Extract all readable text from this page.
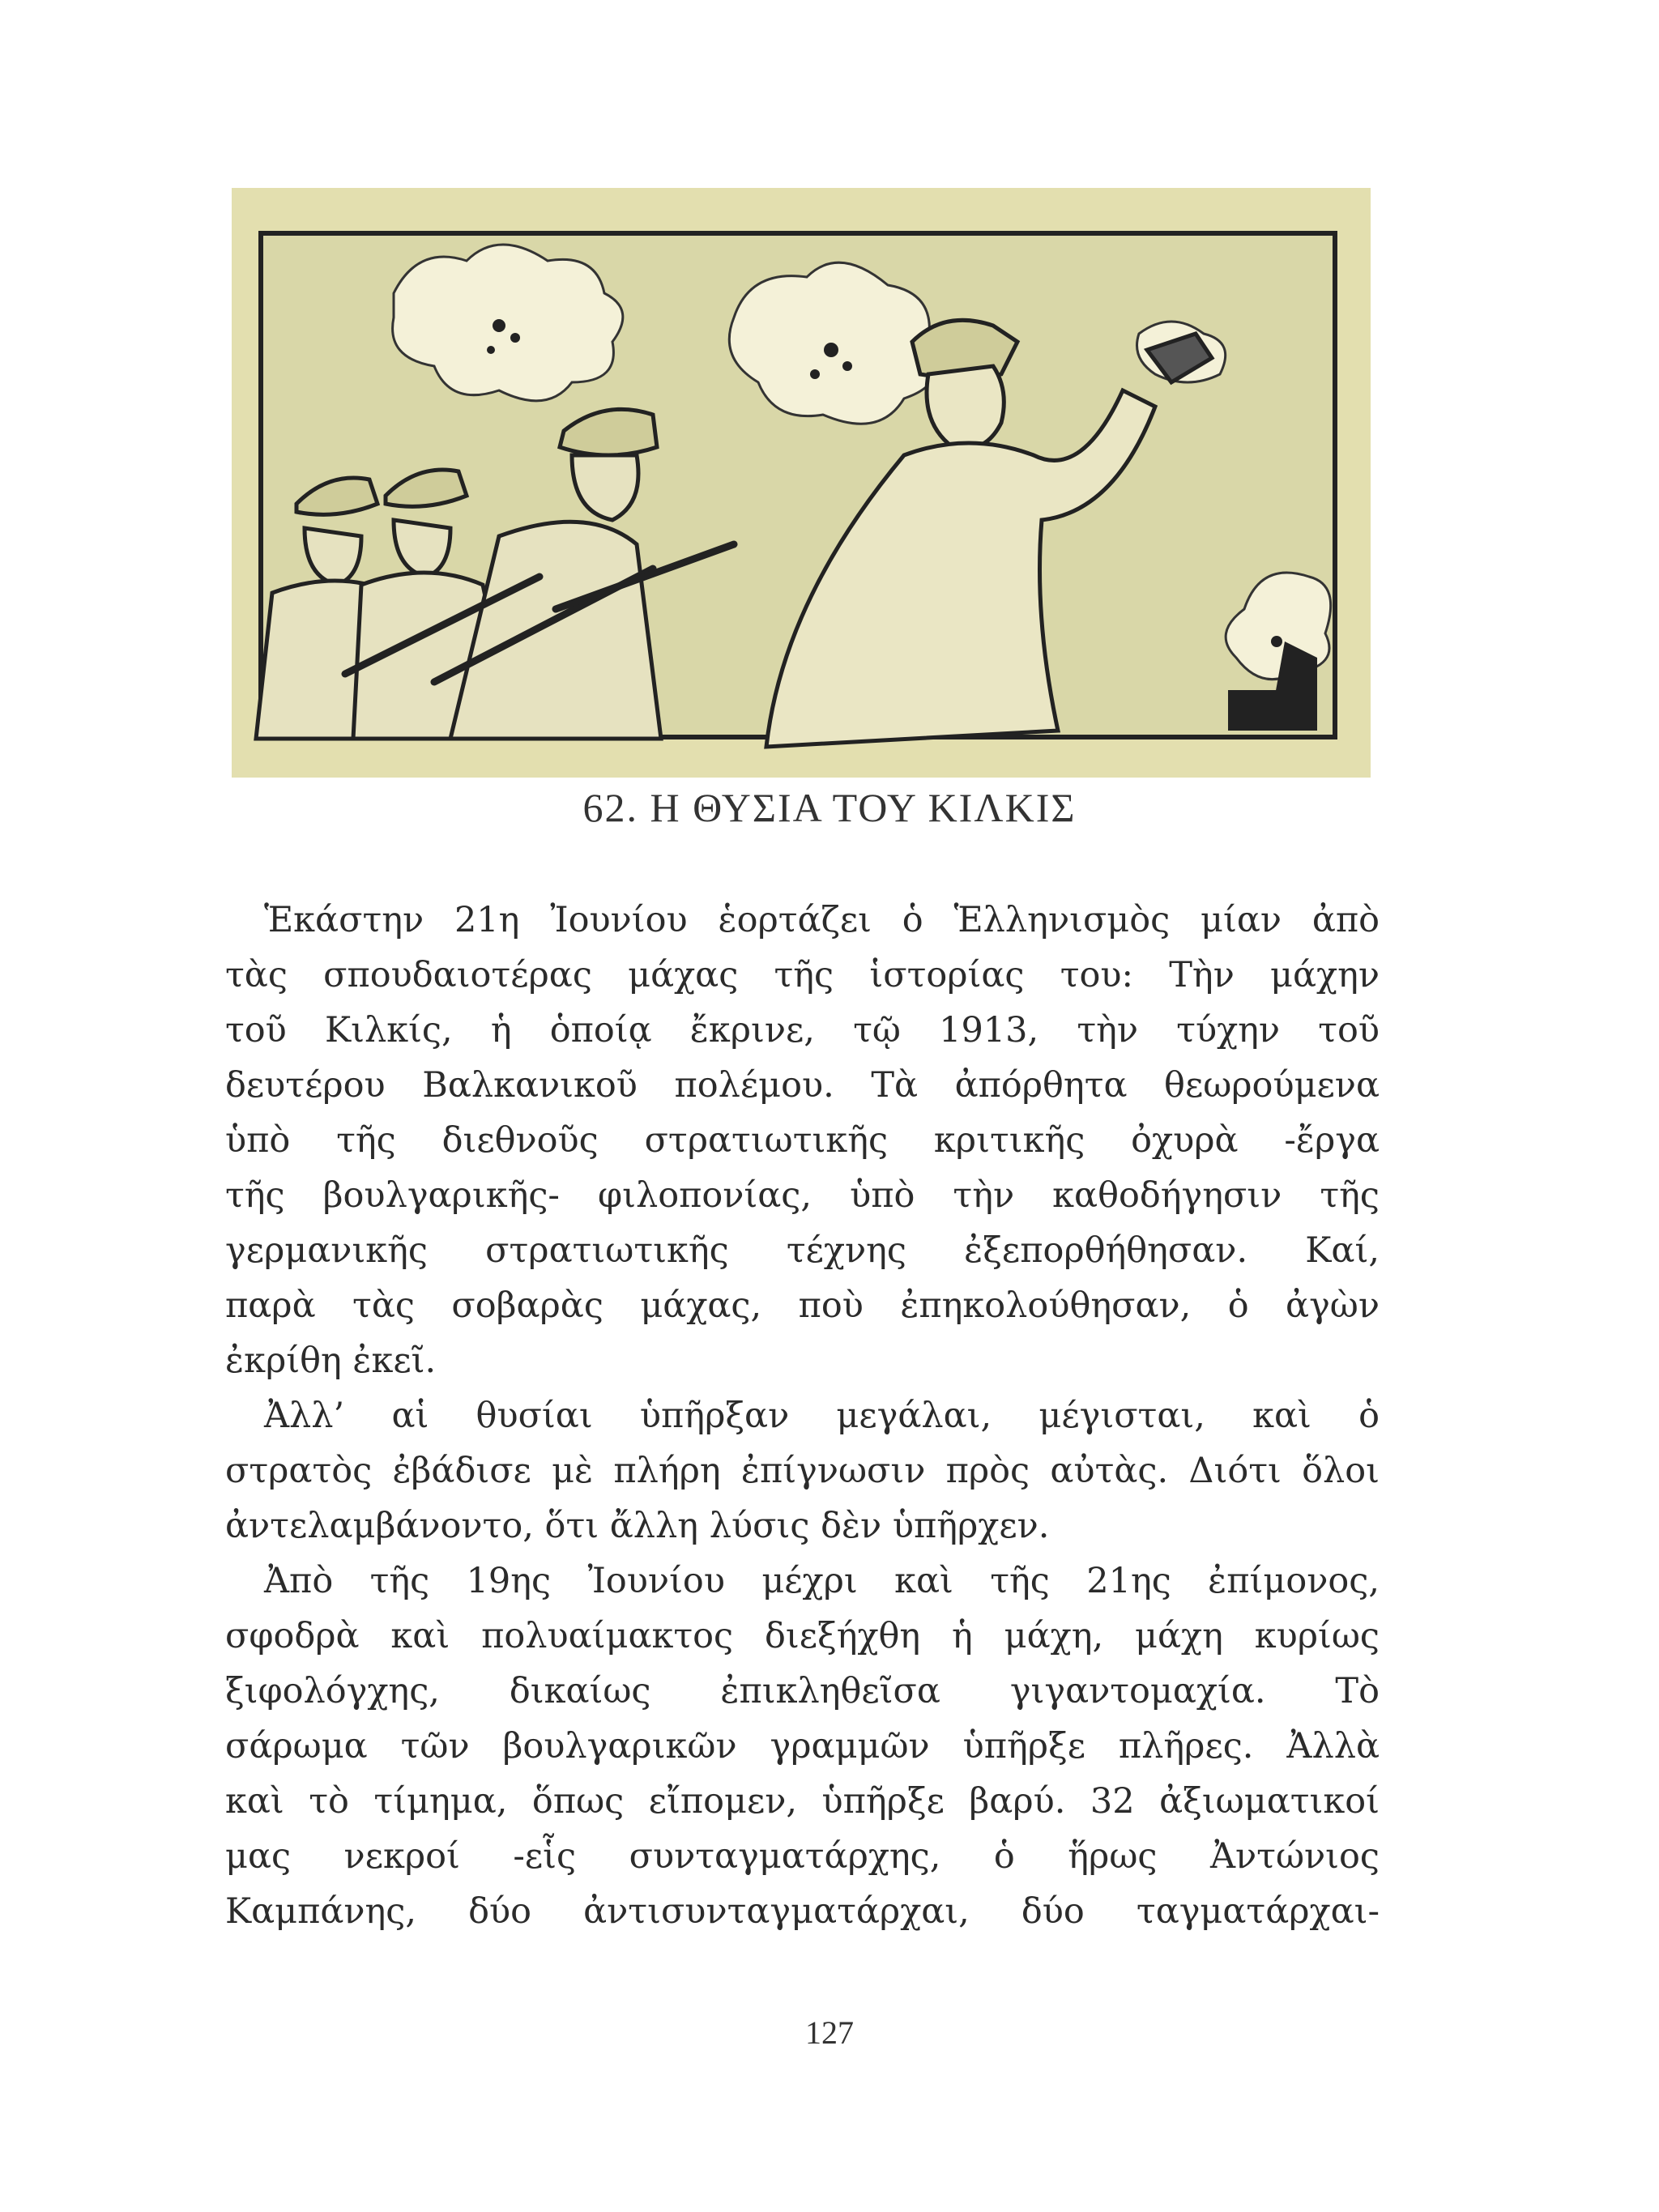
62. Η ΘΥΣΙΑ ΤΟΥ ΚΙΛΚΙΣ
Ἑκάστην 21η Ἰουνίου ἑορτάζει ὁ Ἑλληνισμὸς μίαν ἀπὸ
τὰς σπουδαιοτέρας μάχας τῆς ἱστορίας του: Τὴν μάχην
τοῦ Κιλκίς, ἡ ὁποίᾳ ἔκρινε, τῷ 1913, τὴν τύχην τοῦ
δευτέρου Βαλκανικοῦ πολέμου. Τὰ ἀπόρθητα θεωρούμενα
ὑπὸ τῆς διεθνοῦς στρατιωτικῆς κριτικῆς ὀχυρὰ -ἔργα
τῆς βουλγαρικῆς- φιλοπονίας, ὑπὸ τὴν καθοδήγησιν τῆς
γερμανικῆς στρατιωτικῆς τέχνης ἐξεπορθήθησαν. Καί,
παρὰ τὰς σοβαρὰς μάχας, ποὺ ἐπηκολούθησαν, ὁ ἀγὼν
ἐκρίθη ἐκεῖ.
Ἀλλ’ αἱ θυσίαι ὑπῆρξαν μεγάλαι, μέγισται, καὶ ὁ
στρατὸς ἐβάδισε μὲ πλήρη ἐπίγνωσιν πρὸς αὐτὰς. Διότι ὅλοι
ἀντελαμβάνοντο, ὅτι ἄλλη λύσις δὲν ὑπῆρχεν.
Ἀπὸ τῆς 19ης Ἰουνίου μέχρι καὶ τῆς 21ης ἐπίμονος,
σφοδρὰ καὶ πολυαίμακτος διεξήχθη ἡ μάχη, μάχη κυρίως
ξιφολόγχης, δικαίως ἐπικληθεῖσα γιγαντομαχία. Τὸ
σάρωμα τῶν βουλγαρικῶν γραμμῶν ὑπῆρξε πλῆρες. Ἀλλὰ
καὶ τὸ τίμημα, ὅπως εἴπομεν, ὑπῆρξε βαρύ. 32 ἀξιωματικοί
μας νεκροί -εἷς συνταγματάρχης, ὁ ἥρως Ἀντώνιος
Καμπάνης, δύο ἀντισυνταγματάρχαι, δύο ταγματάρχαι-
127
